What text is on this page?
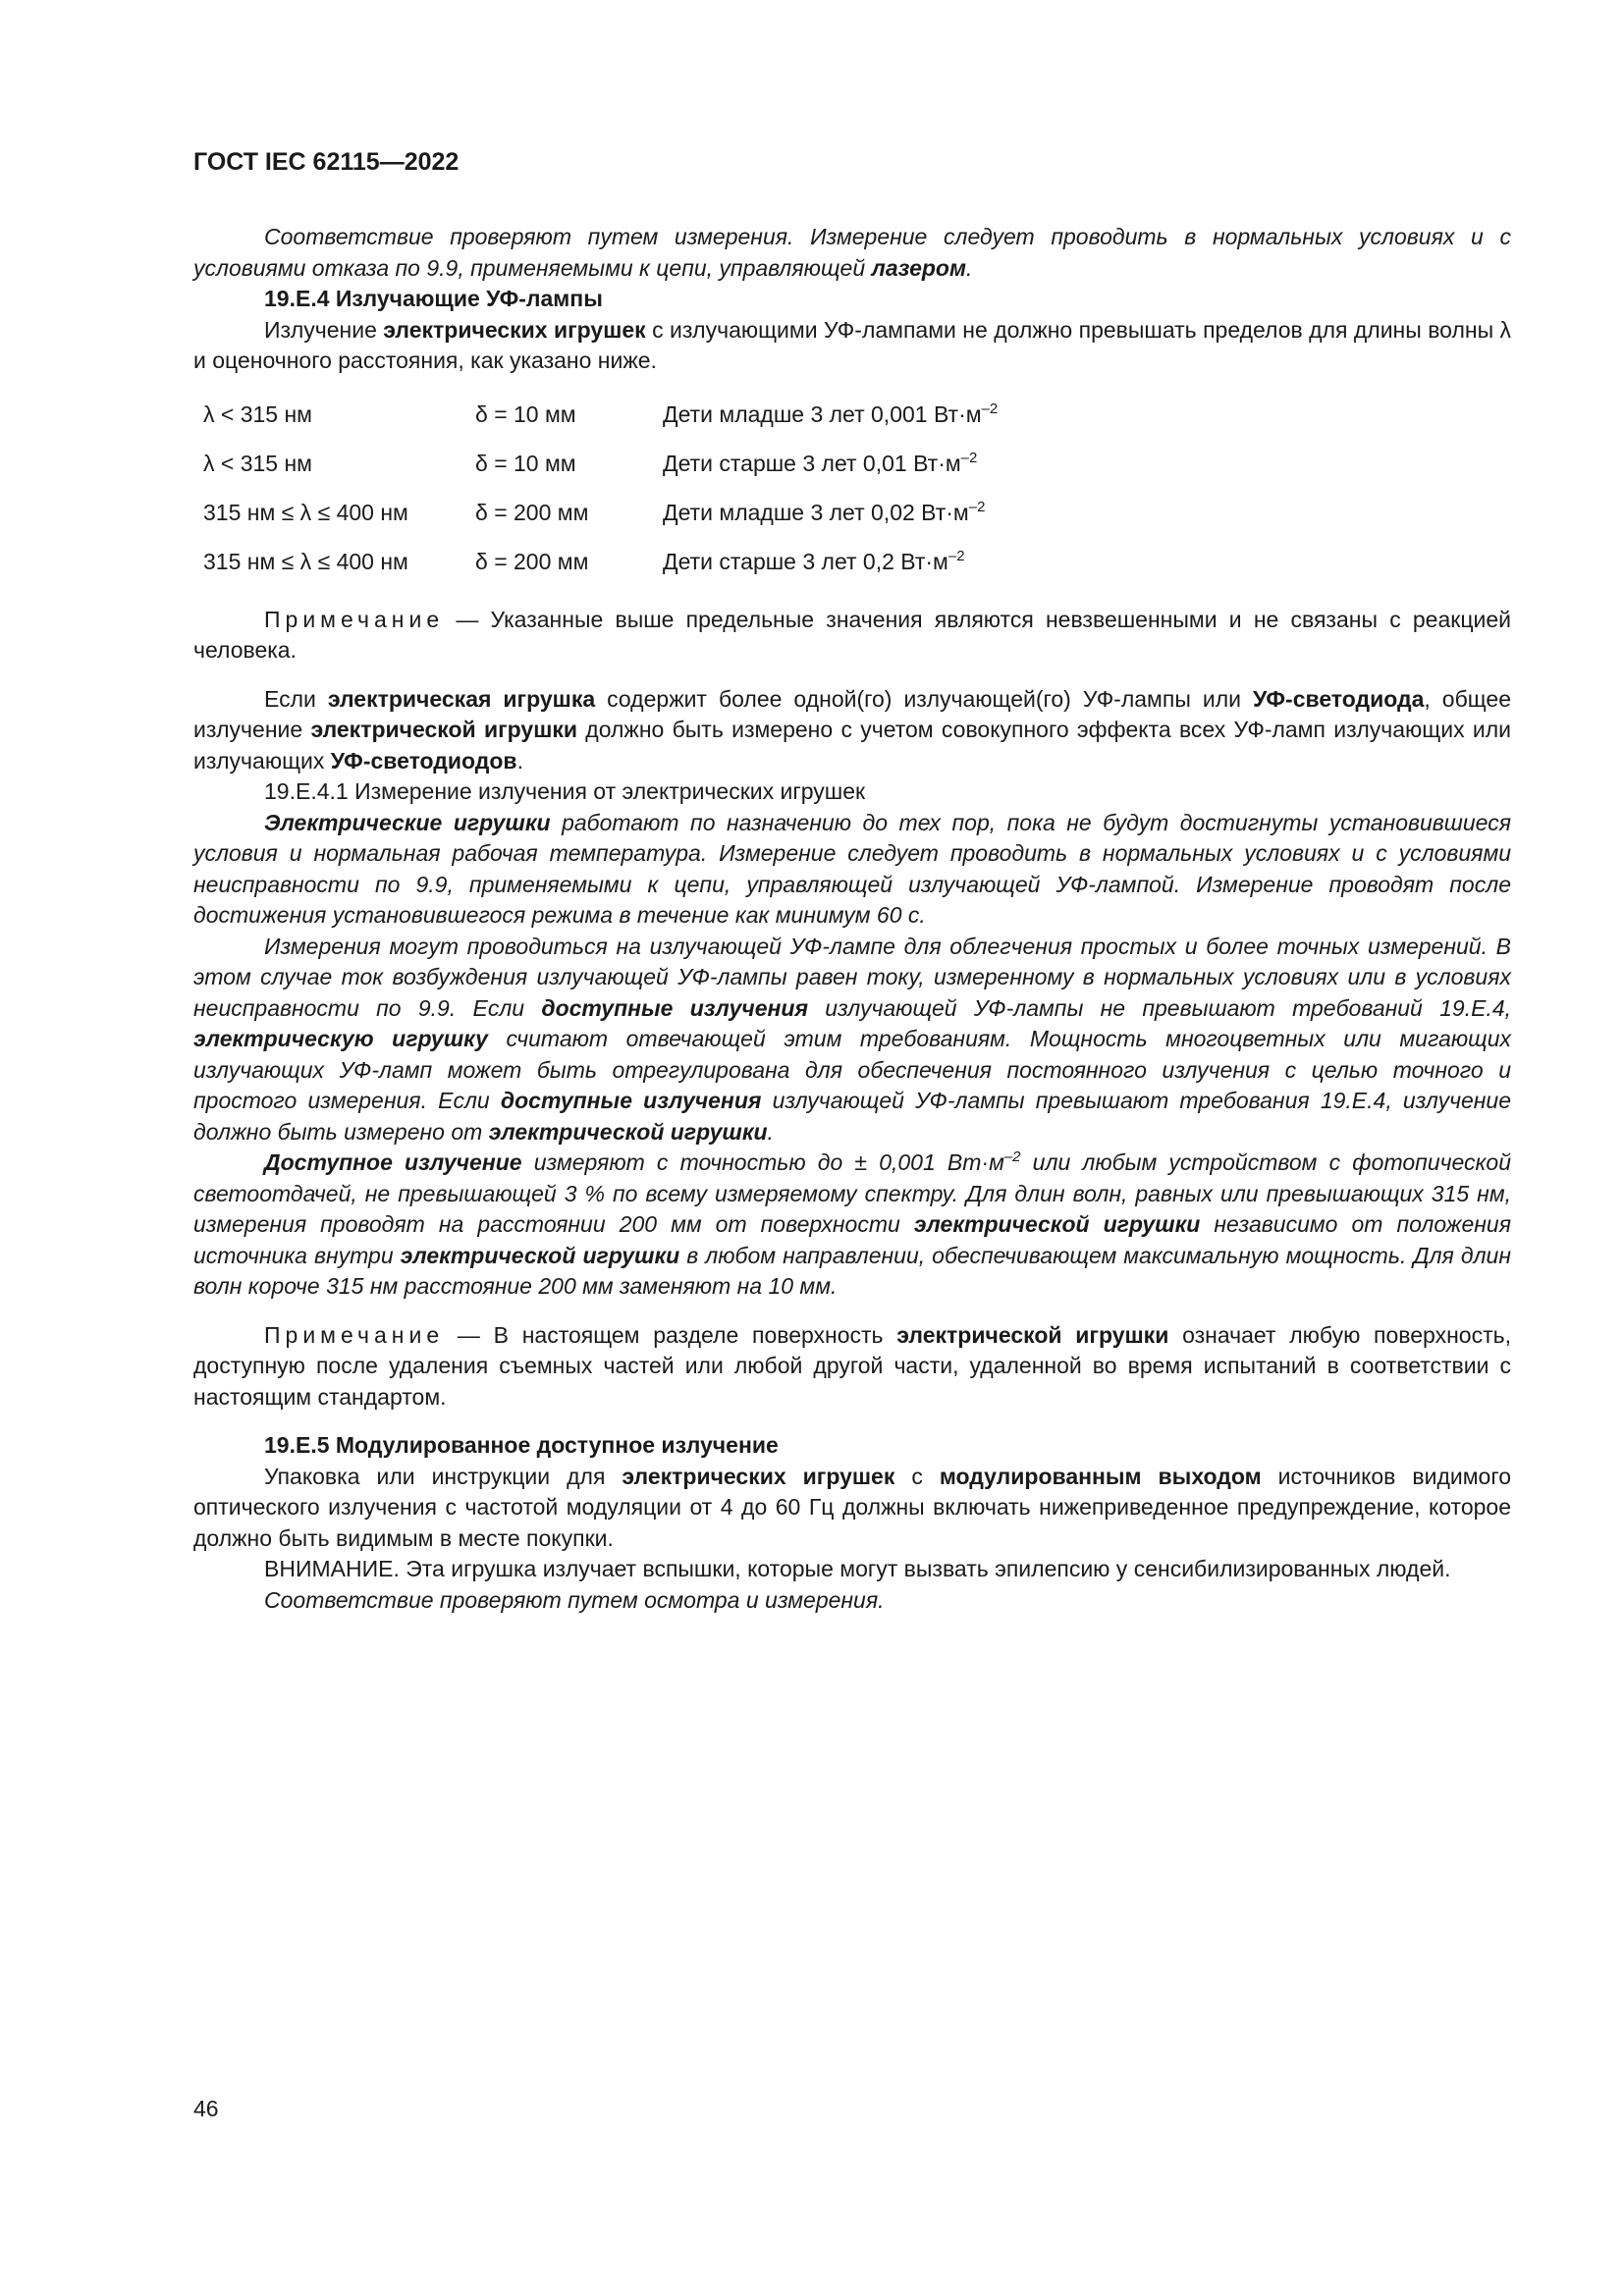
ГОСТ IEC 62115—2022

Соответствие проверяют путем измерения. Измерение следует проводить в нормальных условиях и с условиями отказа по 9.9, применяемыми к цепи, управляющей лазером.

19.E.4 Излучающие УФ-лампы

Излучение электрических игрушек с излучающими УФ-лампами не должно превышать пределов для длины волны λ и оценочного расстояния, как указано ниже.

λ < 315 нм	δ = 10 мм	Дети младше 3 лет 0,001 $Вт\cdot м^{-2}$
λ < 315 нм	δ = 10 мм	Дети старше 3 лет 0,01 $Вт\cdot м^{-2}$
315 нм ≤ λ ≤ 400 нм	δ = 200 мм	Дети младше 3 лет 0,02 $Вт\cdot м^{-2}$
315 нм ≤ λ ≤ 400 нм	δ = 200 мм	Дети старше 3 лет 0,2 $Вт\cdot м^{-2}$

Примечание — Указанные выше предельные значения являются невзвешенными и не связаны с реакцией человека.

Если электрическая игрушка содержит более одной(го) излучающей(го) УФ-лампы или УФ-светодиода, общее излучение электрической игрушки должно быть измерено с учетом совокупного эффекта всех УФ-ламп излучающих или излучающих УФ-светодиодов.

19.E.4.1 Измерение излучения от электрических игрушек

Электрические игрушки работают по назначению до тех пор, пока не будут достигнуты установившиеся условия и нормальная рабочая температура. Измерение следует проводить в нормальных условиях и с условиями неисправности по 9.9, применяемыми к цепи, управляющей излучающей УФ-лампой. Измерение проводят после достижения установившегося режима в течение как минимум 60 с.

Измерения могут проводиться на излучающей УФ-лампе для облегчения простых и более точных измерений. В этом случае ток возбуждения излучающей УФ-лампы равен току, измеренному в нормальных условиях или в условиях неисправности по 9.9. Если доступные излучения излучающей УФ-лампы не превышают требований 19.E.4, электрическую игрушку считают отвечающей этим требованиям. Мощность многоцветных или мигающих излучающих УФ-ламп может быть отрегулирована для обеспечения постоянного излучения с целью точного и простого измерения. Если доступные излучения излучающей УФ-лампы превышают требования 19.E.4, излучение должно быть измерено от электрической игрушки.

Доступное излучение измеряют с точностью до ± 0,001 $Вт\cdot м^{-2}$ или любым устройством с фотопической светоотдачей, не превышающей 3 % по всему измеряемому спектру. Для длин волн, равных или превышающих 315 нм, измерения проводят на расстоянии 200 мм от поверхности электрической игрушки независимо от положения источника внутри электрической игрушки в любом направлении, обеспечивающем максимальную мощность. Для длин волн короче 315 нм расстояние 200 мм заменяют на 10 мм.

Примечание — В настоящем разделе поверхность электрической игрушки означает любую поверхность, доступную после удаления съемных частей или любой другой части, удаленной во время испытаний в соответствии с настоящим стандартом.

19.E.5 Модулированное доступное излучение

Упаковка или инструкции для электрических игрушек с модулированным выходом источников видимого оптического излучения с частотой модуляции от 4 до 60 Гц должны включать нижеприведенное предупреждение, которое должно быть видимым в месте покупки.

ВНИМАНИЕ. Эта игрушка излучает вспышки, которые могут вызвать эпилепсию у сенсибилизированных людей.

Соответствие проверяют путем осмотра и измерения.

46
